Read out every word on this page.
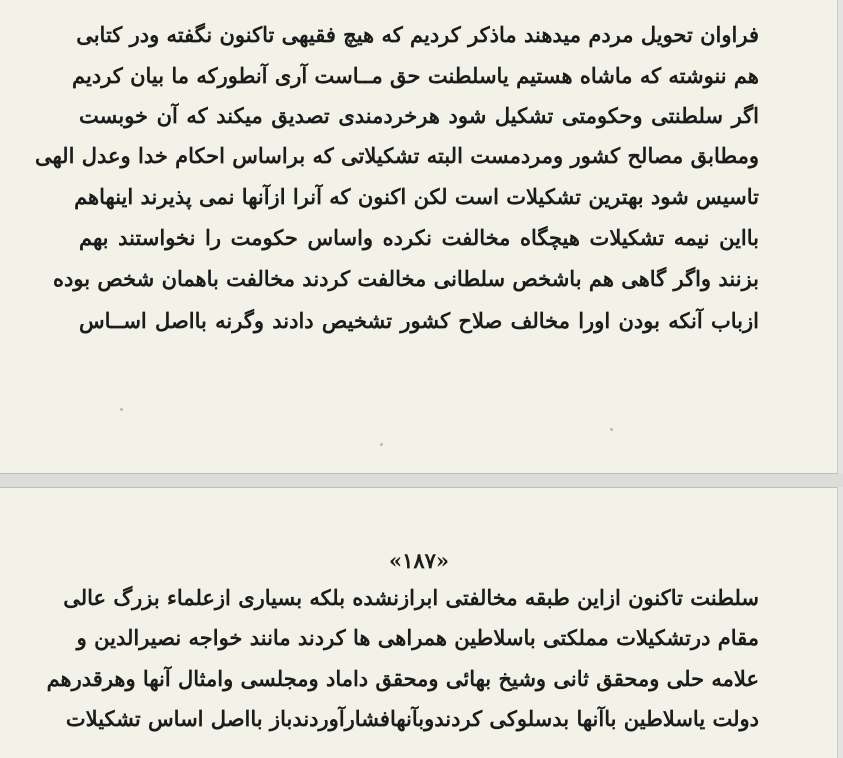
فراوان تحویل مردم میدهند ماذکر کردیم که هیچ فقیهی تاکنون نگفته ودر کتابی
هم ننوشته که ماشاه هستیم یاسلطنت حق مــاست آری آنطورکه ما بیان کردیم
اگر سلطنتی وحکومتی تشکیل شود هرخردمندی تصدیق میکند که آن خوبست
ومطابق مصالح کشور ومردمست البته تشکیلاتی که براساس احکام خدا وعدل الهی
تاسیس شود بهترین تشکیلات است لکن اکنون که آنرا ازآنها نمی پذیرند اینهاهم
بااین نیمه تشکیلات هیچگاه مخالفت نکرده واساس حکومت را نخواستند بهم
بزنند واگر گاهی هم باشخص سلطانی مخالفت کردند مخالفت باهمان شخص بوده
ازباب آنکه بودن اورا مخالف صلاح کشور تشخیص دادند وگرنه بااصل اســاس
«۱۸۷»
سلطنت تاکنون ازاین طبقه مخالفتی ابرازنشده بلکه بسیاری ازعلماء بزرگ عالی
مقام درتشکیلات مملکتی باسلاطین همراهی ها کردند مانند خواجه نصیرالدین و
علامه حلی ومحقق ثانی وشیخ بهائی ومحقق داماد ومجلسی وامثال آنها وهرقدرهم
دولت یاسلاطین باآنها بدسلوکی کردندوبآنهافشارآوردندباز بااصل اساس تشکیلات
